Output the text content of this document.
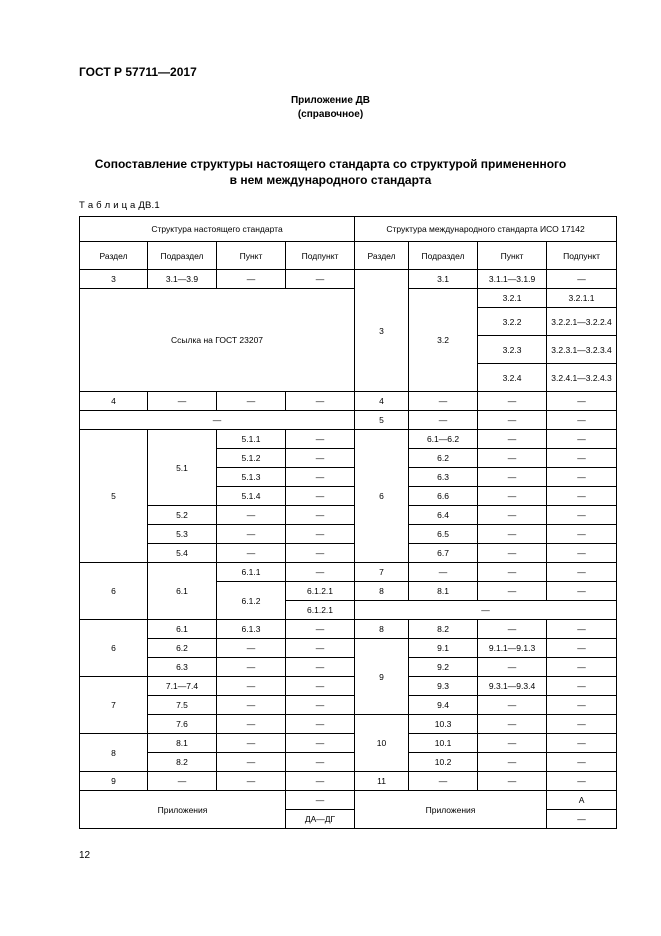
ГОСТ Р 57711—2017
Приложение ДВ
(справочное)
Сопоставление структуры настоящего стандарта со структурой примененного
в нем международного стандарта
Т а б л и ц а ДВ.1
Структура настоящего стандарта				Структура международного стандарта ИСО 17142			
Раздел	Подраздел	Пункт	Подпункт	Раздел	Подраздел	Пункт	Подпункт
3	3.1—3.9	—	—	3	3.1	3.1.1—3.1.9	—
Ссылка на ГОСТ 23207					3.2	3.2.1	3.2.1.1
						3.2.2	3.2.2.1—3.2.2.4
						3.2.3	3.2.3.1—3.2.3.4
						3.2.4	3.2.4.1—3.2.4.3
4	—	—	—	4	—	—	—
—				5	—	—	—
5	5.1	5.1.1	—	6	6.1—6.2	—	—
		5.1.2	—		6.2	—	—
		5.1.3	—		6.3	—	—
		5.1.4	—		6.6	—	—
	5.2	—	—		6.4	—	—
	5.3	—	—		6.5	—	—
	5.4	—	—		6.7	—	—
6	6.1	6.1.1	—	7	—	—	—
		6.1.2	6.1.2.1	8	8.1	—	—
			6.1.2.1	—			
6	6.1	6.1.3	—	8	8.2	—	—
	6.2	—	—	9	9.1	9.1.1—9.1.3	—
	6.3	—	—		9.2	—	—
7	7.1—7.4	—	—		9.3	9.3.1—9.3.4	—
	7.5	—	—		9.4	—	—
	7.6	—	—	10	10.3	—	—
8	8.1	—	—		10.1	—	—
	8.2	—	—		10.2	—	—
9	—	—	—	11	—	—	—
Приложения			—	Приложения			А
			ДА—ДГ				—
12
